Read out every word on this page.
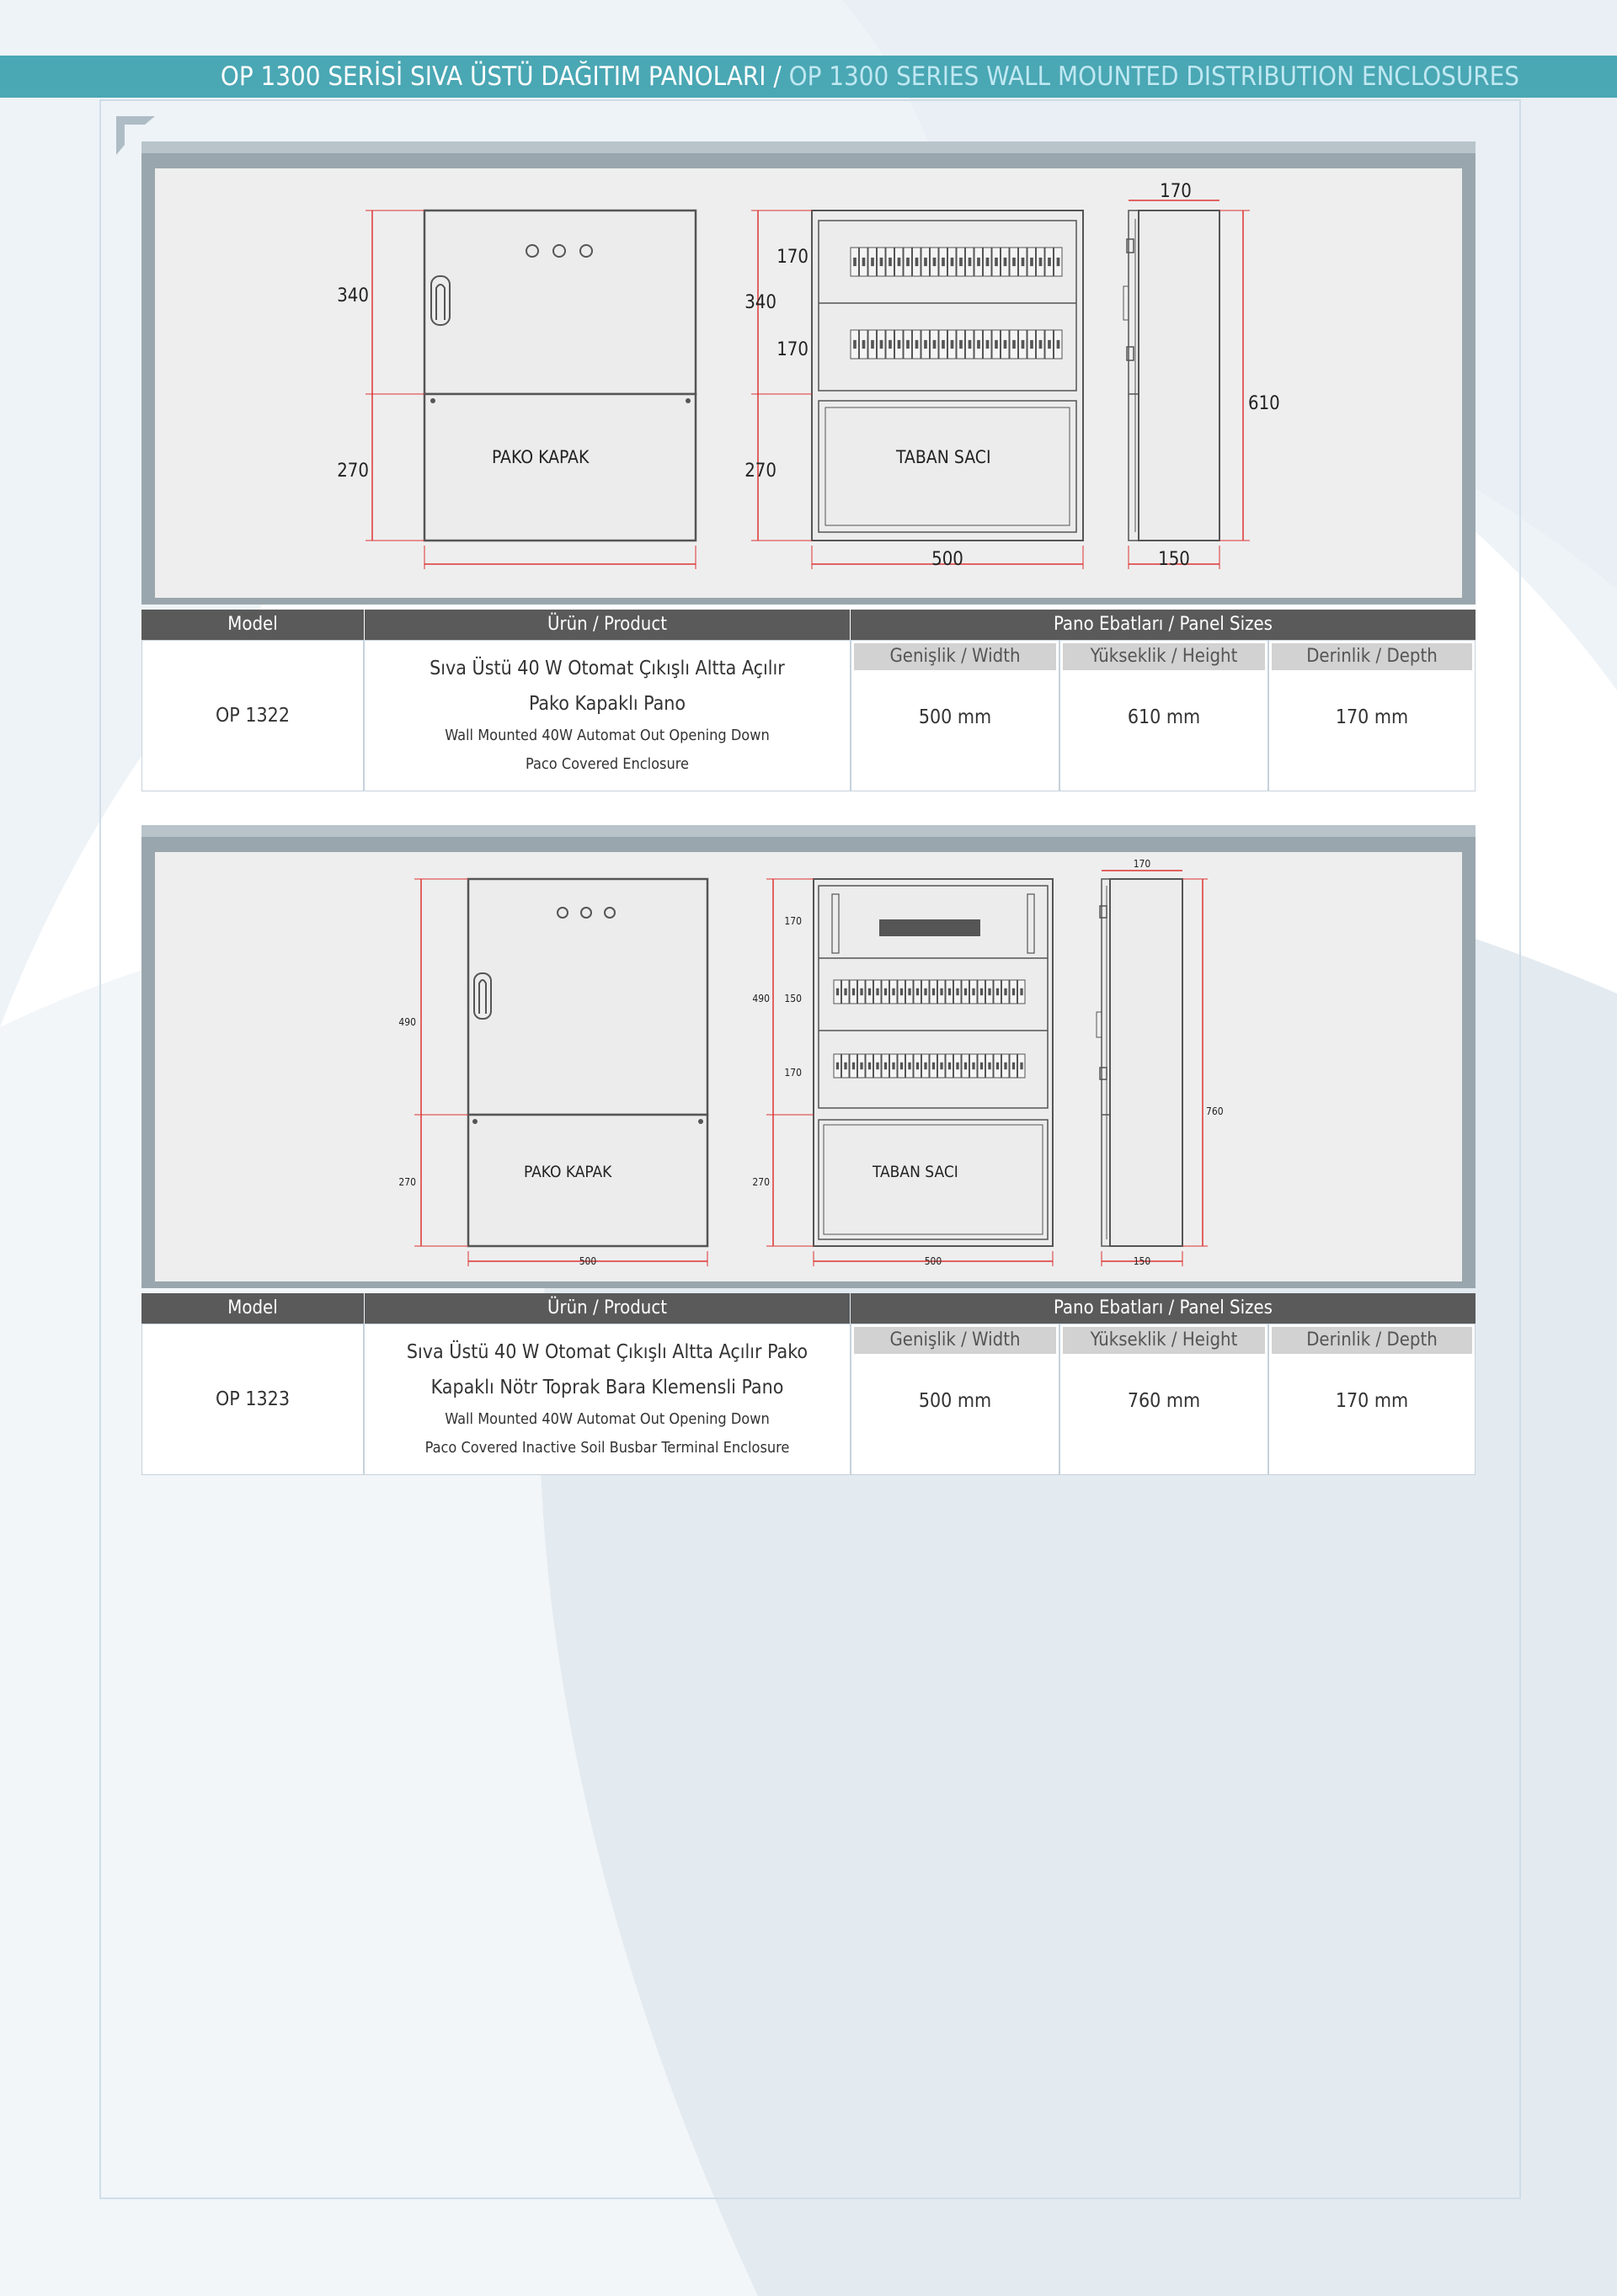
OP 1300 SERİSİ SIVA ÜSTÜ DAĞITIM PANOLARI / OP 1300 SERIES WALL MOUNTED DISTRIBUTION ENCLOSURES
340
270
PAKO KAPAK
340
170
170
270
TABAN SACI
500
170
610
150
Model	Ürün / Product	Pano Ebatları / Panel Sizes
OP 1322
Sıva Üstü 40 W Otomat Çıkışlı Altta Açılır
Pako Kapaklı Pano
Wall Mounted 40W Automat Out Opening Down
Paco Covered Enclosure
Genişlik / Width	Yükseklik / Height	Derinlik / Depth
500 mm	610 mm	170 mm
490
270
PAKO KAPAK
500
490
170
150
170
270
TABAN SACI
500
170
760
150
Model	Ürün / Product	Pano Ebatları / Panel Sizes
OP 1323
Sıva Üstü 40 W Otomat Çıkışlı Altta Açılır Pako
Kapaklı Nötr Toprak Bara Klemensli Pano
Wall Mounted 40W Automat Out Opening Down
Paco Covered Inactive Soil Busbar Terminal Enclosure
Genişlik / Width	Yükseklik / Height	Derinlik / Depth
500 mm	760 mm	170 mm
